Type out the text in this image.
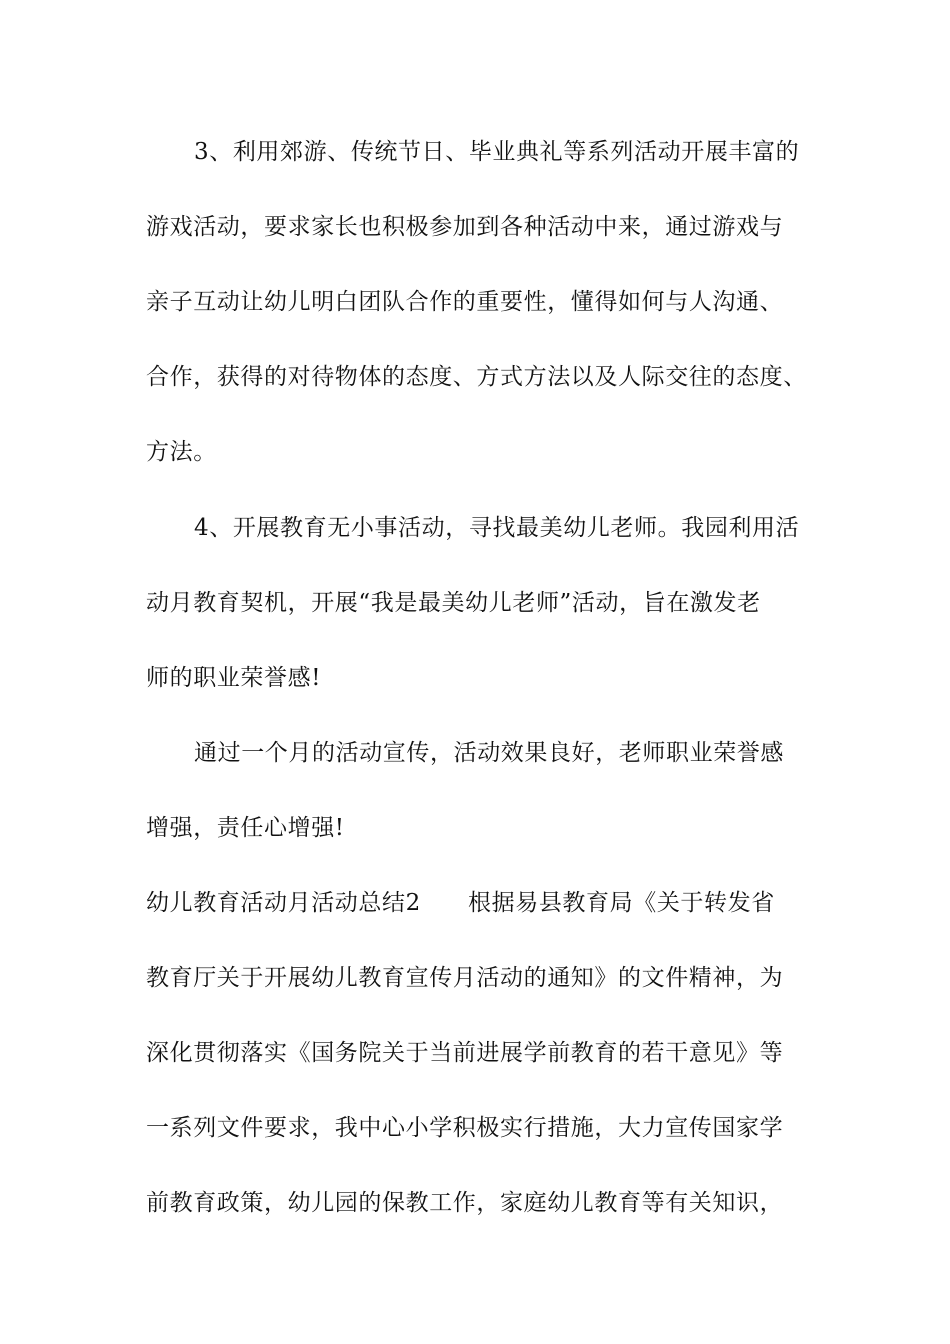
3、利用郊游、传统节日、毕业典礼等系列活动开展丰富的
游戏活动，要求家长也积极参加到各种活动中来，通过游戏与
亲子互动让幼儿明白团队合作的重要性，懂得如何与人沟通、
合作，获得的对待物体的态度、方式方法以及人际交往的态度、
方法。
4、开展教育无小事活动，寻找最美幼儿老师。我园利用活
动月教育契机，开展“我是最美幼儿老师”活动，旨在激发老
师的职业荣誉感!
通过一个月的活动宣传，活动效果良好，老师职业荣誉感
增强，责任心增强!
幼儿教育活动月活动总结2　　根据易县教育局《关于转发省
教育厅关于开展幼儿教育宣传月活动的通知》的文件精神，为
深化贯彻落实《国务院关于当前进展学前教育的若干意见》等
一系列文件要求，我中心小学积极实行措施，大力宣传国家学
前教育政策，幼儿园的保教工作，家庭幼儿教育等有关知识，
